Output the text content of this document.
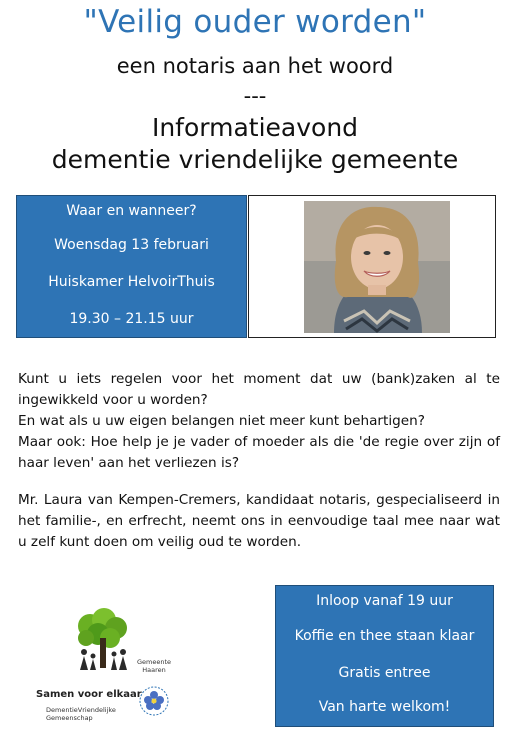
"Veilig ouder worden"
een notaris aan het woord
---
Informatieavond
dementie vriendelijke gemeente
Waar en wanneer?
Woensdag 13 februari
Huiskamer HelvoirThuis
19.30 – 21.15 uur

Kunt u iets regelen voor het moment dat uw (bank)zaken al te ingewikkeld voor u worden?

En wat als u uw eigen belangen niet meer kunt behartigen?

Maar ook: Hoe help je je vader of moeder als die 'de regie over zijn of haar leven' aan het verliezen is?

Mr. Laura van Kempen-Cremers, kandidaat notaris, gespecialiseerd in het familie-, en erfrecht, neemt ons in eenvoudige taal mee naar wat u zelf kunt doen om veilig oud te worden.

Samen voor elkaar
DementieVriendelijke
Gemeenschap
Gemeente
Haaren
Inloop vanaf 19 uur
Koffie en thee staan klaar
Gratis entree
Van harte welkom!
